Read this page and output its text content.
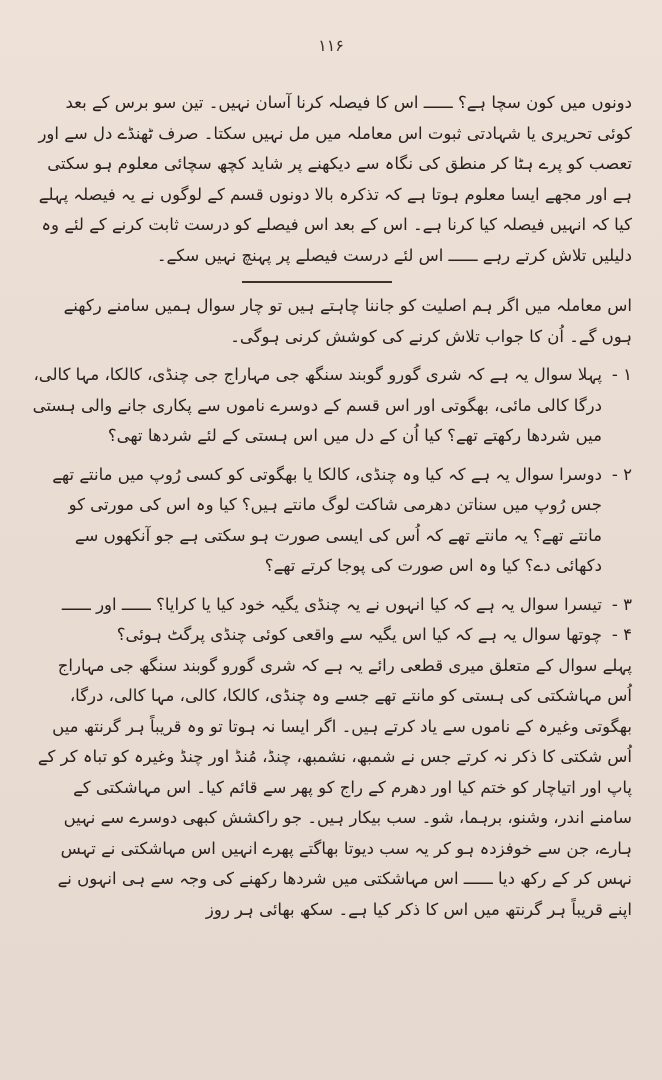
۱۱۶

دونوں میں کون سچا ہے؟ ــــــ اس کا فیصلہ کرنا آسان نہیں۔ تین سو برس کے بعد کوئی تحریری یا شہادتی ثبوت اس معاملہ میں مل نہیں سکتا۔ صرف ٹھنڈے دل سے اور تعصب کو پرے ہٹا کر منطق کی نگاہ سے دیکھنے پر شاید کچھ سچائی معلوم ہو سکتی ہے اور مجھے ایسا معلوم ہوتا ہے کہ تذکرہ بالا دونوں قسم کے لوگوں نے یہ فیصلہ پہلے کیا کہ انہیں فیصلہ کیا کرنا ہے۔ اس کے بعد اس فیصلے کو درست ثابت کرنے کے لئے وہ دلیلیں تلاش کرتے رہے ــــــ اس لئے درست فیصلے پر پہنچ نہیں سکے۔

اس معاملہ میں اگر ہم اصلیت کو جاننا چاہتے ہیں تو چار سوال ہمیں سامنے رکھنے ہوں گے۔ اُن کا جواب تلاش کرنے کی کوشش کرنی ہوگی۔

۱ -
پہلا سوال یہ ہے کہ شری گورو گوبند سنگھ جی مہاراج جی چنڈی، کالکا، مہا کالی، درگا کالی مائی، بھگوتی اور اس قسم کے دوسرے ناموں سے پکاری جانے والی ہستی میں شردھا رکھتے تھے؟ کیا اُن کے دل میں اس ہستی کے لئے شردھا تھی؟
۲ -
دوسرا سوال یہ ہے کہ کیا وہ چنڈی، کالکا یا بھگوتی کو کسی رُوپ میں مانتے تھے جس رُوپ میں سناتن دھرمی شاکت لوگ مانتے ہیں؟ کیا وہ اس کی مورتی کو مانتے تھے؟ یہ مانتے تھے کہ اُس کی ایسی صورت ہو سکتی ہے جو آنکھوں سے دکھائی دے؟ کیا وہ اس صورت کی پوجا کرتے تھے؟
۳ -
تیسرا سوال یہ ہے کہ کیا انہوں نے یہ چنڈی یگیہ خود کیا یا کرایا؟ ــــــ اور ــــــ
۴ -
چوتھا سوال یہ ہے کہ کیا اس یگیہ سے واقعی کوئی چنڈی پرگٹ ہوئی؟

پہلے سوال کے متعلق میری قطعی رائے یہ ہے کہ شری گورو گوبند سنگھ جی مہاراج اُس مہاشکتی کی ہستی کو مانتے تھے جسے وہ چنڈی، کالکا، کالی، مہا کالی، درگا، بھگوتی وغیرہ کے ناموں سے یاد کرتے ہیں۔ اگر ایسا نہ ہوتا تو وہ قریباً ہر گرنتھ میں اُس شکتی کا ذکر نہ کرتے جس نے شمبھ، نشمبھ، چنڈ، مُنڈ اور چنڈ وغیرہ کو تباہ کر کے پاپ اور اتیاچار کو ختم کیا اور دھرم کے راج کو پھر سے قائم کیا۔ اس مہاشکتی کے سامنے اندر، وشنو، برہما، شو۔ سب بیکار ہیں۔ جو راکشش کبھی دوسرے سے نہیں ہارے، جن سے خوفزدہ ہو کر یہ سب دیوتا بھاگتے پھرے انہیں اس مہاشکتی نے تہس نہس کر کے رکھ دیا ــــــ اس مہاشکتی میں شردھا رکھنے کی وجہ سے ہی انہوں نے اپنے قریباً ہر گرنتھ میں اس کا ذکر کیا ہے۔ سکھ بھائی ہر روز
